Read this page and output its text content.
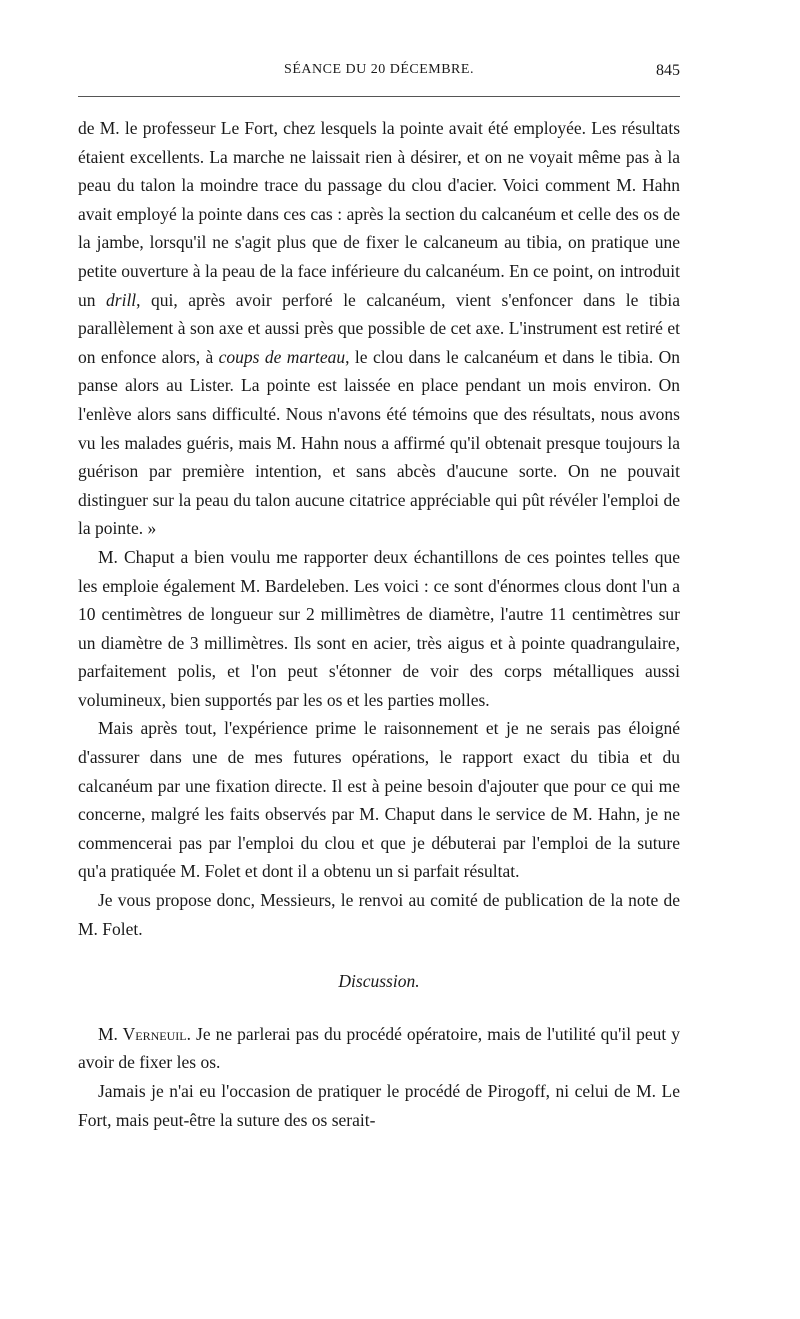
SÉANCE DU 20 DÉCEMBRE.	845

de M. le professeur Le Fort, chez lesquels la pointe avait été employée. Les résultats étaient excellents. La marche ne laissait rien à désirer, et on ne voyait même pas à la peau du talon la moindre trace du passage du clou d'acier. Voici comment M. Hahn avait employé la pointe dans ces cas : après la section du calcanéum et celle des os de la jambe, lorsqu'il ne s'agit plus que de fixer le calcaneum au tibia, on pratique une petite ouverture à la peau de la face inférieure du calcanéum. En ce point, on introduit un drill, qui, après avoir perforé le calcanéum, vient s'enfoncer dans le tibia parallèlement à son axe et aussi près que possible de cet axe. L'instrument est retiré et on enfonce alors, à coups de marteau, le clou dans le calcanéum et dans le tibia. On panse alors au Lister. La pointe est laissée en place pendant un mois environ. On l'enlève alors sans difficulté. Nous n'avons été témoins que des résultats, nous avons vu les malades guéris, mais M. Hahn nous a affirmé qu'il obtenait presque toujours la guérison par première intention, et sans abcès d'aucune sorte. On ne pouvait distinguer sur la peau du talon aucune citatrice appréciable qui pût révéler l'emploi de la pointe. »

M. Chaput a bien voulu me rapporter deux échantillons de ces pointes telles que les emploie également M. Bardeleben. Les voici : ce sont d'énormes clous dont l'un a 10 centimètres de longueur sur 2 millimètres de diamètre, l'autre 11 centimètres sur un diamètre de 3 millimètres. Ils sont en acier, très aigus et à pointe quadrangulaire, parfaitement polis, et l'on peut s'étonner de voir des corps métalliques aussi volumineux, bien supportés par les os et les parties molles.

Mais après tout, l'expérience prime le raisonnement et je ne serais pas éloigné d'assurer dans une de mes futures opérations, le rapport exact du tibia et du calcanéum par une fixation directe. Il est à peine besoin d'ajouter que pour ce qui me concerne, malgré les faits observés par M. Chaput dans le service de M. Hahn, je ne commencerai pas par l'emploi du clou et que je débuterai par l'emploi de la suture qu'a pratiquée M. Folet et dont il a obtenu un si parfait résultat.

Je vous propose donc, Messieurs, le renvoi au comité de publication de la note de M. Folet.

Discussion.

M. Verneuil. Je ne parlerai pas du procédé opératoire, mais de l'utilité qu'il peut y avoir de fixer les os.

Jamais je n'ai eu l'occasion de pratiquer le procédé de Pirogoff, ni celui de M. Le Fort, mais peut-être la suture des os serait-
